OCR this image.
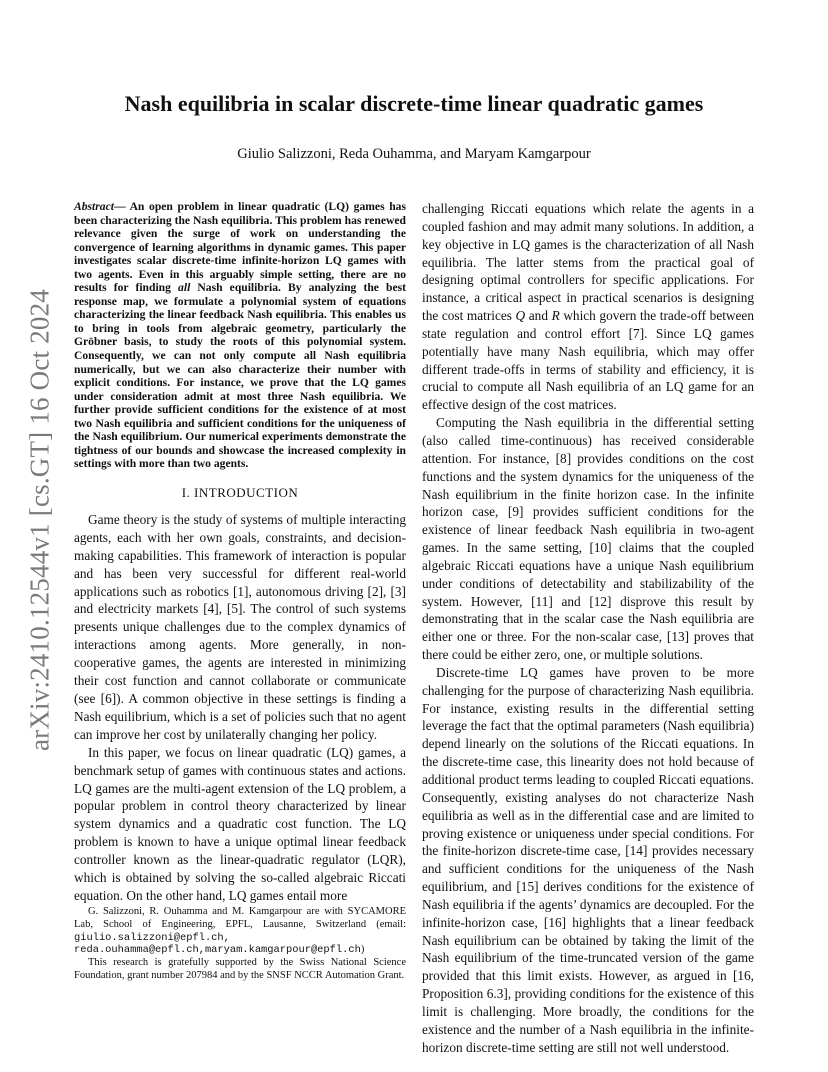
arXiv:2410.12544v1 [cs.GT] 16 Oct 2024
Nash equilibria in scalar discrete-time linear quadratic games
Giulio Salizzoni, Reda Ouhamma, and Maryam Kamgarpour

Abstract— An open problem in linear quadratic (LQ) games has been characterizing the Nash equilibria. This problem has renewed relevance given the surge of work on understanding the convergence of learning algorithms in dynamic games. This paper investigates scalar discrete-time infinite-horizon LQ games with two agents. Even in this arguably simple setting, there are no results for finding all Nash equilibria. By analyzing the best response map, we formulate a polynomial system of equations characterizing the linear feedback Nash equilibria. This enables us to bring in tools from algebraic geometry, particularly the Gröbner basis, to study the roots of this polynomial system. Consequently, we can not only compute all Nash equilibria numerically, but we can also characterize their number with explicit conditions. For instance, we prove that the LQ games under consideration admit at most three Nash equilibria. We further provide sufficient conditions for the existence of at most two Nash equilibria and sufficient conditions for the uniqueness of the Nash equilibrium. Our numerical experiments demonstrate the tightness of our bounds and showcase the increased complexity in settings with more than two agents.

I. INTRODUCTION

Game theory is the study of systems of multiple interacting agents, each with her own goals, constraints, and decision-making capabilities. This framework of interaction is popular and has been very successful for different real-world applications such as robotics [1], autonomous driving [2], [3] and electricity markets [4], [5]. The control of such systems presents unique challenges due to the complex dynamics of interactions among agents. More generally, in non-cooperative games, the agents are interested in minimizing their cost function and cannot collaborate or communicate (see [6]). A common objective in these settings is finding a Nash equilibrium, which is a set of policies such that no agent can improve her cost by unilaterally changing her policy.

In this paper, we focus on linear quadratic (LQ) games, a benchmark setup of games with continuous states and actions. LQ games are the multi-agent extension of the LQ problem, a popular problem in control theory characterized by linear system dynamics and a quadratic cost function. The LQ problem is known to have a unique optimal linear feedback controller known as the linear-quadratic regulator (LQR), which is obtained by solving the so-called algebraic Riccati equation. On the other hand, LQ games entail more

G. Salizzoni, R. Ouhamma and M. Kamgarpour are with SYCAMORE Lab, School of Engineering, EPFL, Lausanne, Switzerland (email: giulio.salizzoni@epfl.ch, reda.ouhamma@epfl.ch,maryam.kamgarpour@epfl.ch)

This research is gratefully supported by the Swiss National Science Foundation, grant number 207984 and by the SNSF NCCR Automation Grant.

challenging Riccati equations which relate the agents in a coupled fashion and may admit many solutions. In addition, a key objective in LQ games is the characterization of all Nash equilibria. The latter stems from the practical goal of designing optimal controllers for specific applications. For instance, a critical aspect in practical scenarios is designing the cost matrices Q and R which govern the trade-off between state regulation and control effort [7]. Since LQ games potentially have many Nash equilibria, which may offer different trade-offs in terms of stability and efficiency, it is crucial to compute all Nash equilibria of an LQ game for an effective design of the cost matrices.

Computing the Nash equilibria in the differential setting (also called time-continuous) has received considerable attention. For instance, [8] provides conditions on the cost functions and the system dynamics for the uniqueness of the Nash equilibrium in the finite horizon case. In the infinite horizon case, [9] provides sufficient conditions for the existence of linear feedback Nash equilibria in two-agent games. In the same setting, [10] claims that the coupled algebraic Riccati equations have a unique Nash equilibrium under conditions of detectability and stabilizability of the system. However, [11] and [12] disprove this result by demonstrating that in the scalar case the Nash equilibria are either one or three. For the non-scalar case, [13] proves that there could be either zero, one, or multiple solutions.

Discrete-time LQ games have proven to be more challenging for the purpose of characterizing Nash equilibria. For instance, existing results in the differential setting leverage the fact that the optimal parameters (Nash equilibria) depend linearly on the solutions of the Riccati equations. In the discrete-time case, this linearity does not hold because of additional product terms leading to coupled Riccati equations. Consequently, existing analyses do not characterize Nash equilibria as well as in the differential case and are limited to proving existence or uniqueness under special conditions. For the finite-horizon discrete-time case, [14] provides necessary and sufficient conditions for the uniqueness of the Nash equilibrium, and [15] derives conditions for the existence of Nash equilibria if the agents’ dynamics are decoupled. For the infinite-horizon case, [16] highlights that a linear feedback Nash equilibrium can be obtained by taking the limit of the Nash equilibrium of the time-truncated version of the game provided that this limit exists. However, as argued in [16, Proposition 6.3], providing conditions for the existence of this limit is challenging. More broadly, the conditions for the existence and the number of a Nash equilibria in the infinite-horizon discrete-time setting are still not well understood.
